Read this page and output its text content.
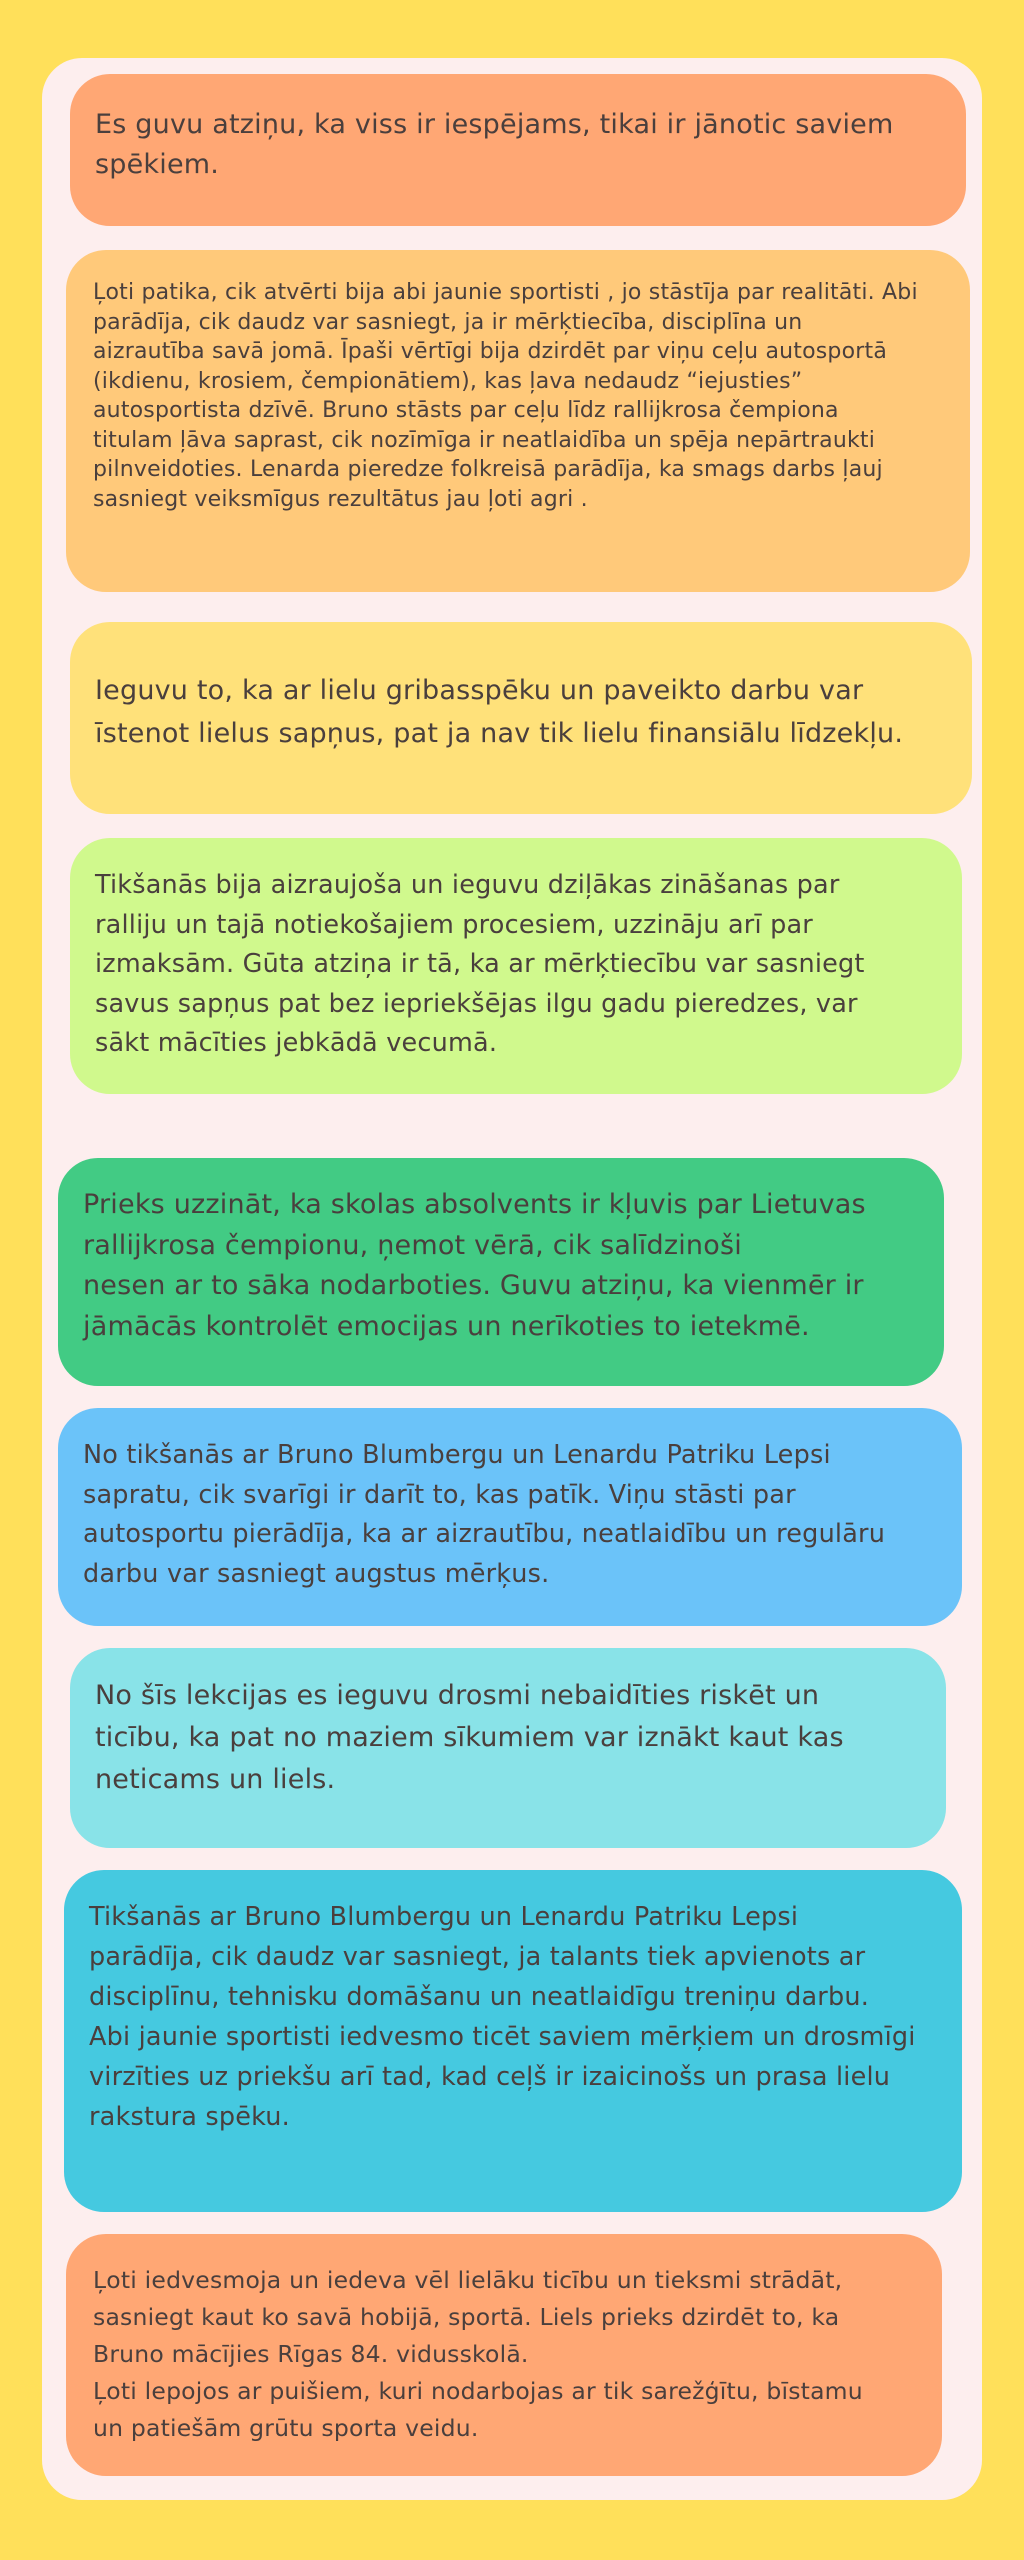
Es guvu atziņu, ka viss ir iespējams, tikai ir jānotic saviem
spēkiem.

Ļoti patika, cik atvērti bija abi jaunie sportisti , jo stāstīja par realitāti. Abi
parādīja, cik daudz var sasniegt, ja ir mērķtiecība, disciplīna un
aizrautība savā jomā. Īpaši vērtīgi bija dzirdēt par viņu ceļu autosportā
(ikdienu, krosiem, čempionātiem), kas ļava nedaudz “iejusties”
autosportista dzīvē. Bruno stāsts par ceļu līdz rallijkrosa čempiona
titulam ļāva saprast, cik nozīmīga ir neatlaidība un spēja nepārtraukti
pilnveidoties. Lenarda pieredze folkreisā parādīja, ka smags darbs ļauj
sasniegt veiksmīgus rezultātus jau ļoti agri .

Ieguvu to, ka ar lielu gribasspēku un paveikto darbu var
īstenot lielus sapņus, pat ja nav tik lielu finansiālu līdzekļu.

Tikšanās bija aizraujoša un ieguvu dziļākas zināšanas par
ralliju un tajā notiekošajiem procesiem, uzzināju arī par
izmaksām. Gūta atziņa ir tā, ka ar mērķtiecību var sasniegt
savus sapņus pat bez iepriekšējas ilgu gadu pieredzes, var
sākt mācīties jebkādā vecumā.

Prieks uzzināt, ka skolas absolvents ir kļuvis par Lietuvas
rallijkrosa čempionu, ņemot vērā, cik salīdzinoši
nesen ar to sāka nodarboties. Guvu atziņu, ka vienmēr ir
jāmācās kontrolēt emocijas un nerīkoties to ietekmē.

No tikšanās ar Bruno Blumbergu un Lenardu Patriku Lepsi
sapratu, cik svarīgi ir darīt to, kas patīk. Viņu stāsti par
autosportu pierādīja, ka ar aizrautību, neatlaidību un regulāru
darbu var sasniegt augstus mērķus.

No šīs lekcijas es ieguvu drosmi nebaidīties riskēt un
ticību, ka pat no maziem sīkumiem var iznākt kaut kas
neticams un liels.

Tikšanās ar Bruno Blumbergu un Lenardu Patriku Lepsi
parādīja, cik daudz var sasniegt, ja talants tiek apvienots ar
disciplīnu, tehnisku domāšanu un neatlaidīgu treniņu darbu.
Abi jaunie sportisti iedvesmo ticēt saviem mērķiem un drosmīgi
virzīties uz priekšu arī tad, kad ceļš ir izaicinošs un prasa lielu
rakstura spēku.

Ļoti iedvesmoja un iedeva vēl lielāku ticību un tieksmi strādāt,
sasniegt kaut ko savā hobijā, sportā. Liels prieks dzirdēt to, ka
Bruno mācījies Rīgas 84. vidusskolā.
Ļoti lepojos ar puišiem, kuri nodarbojas ar tik sarežģītu, bīstamu
un patiešām grūtu sporta veidu.
